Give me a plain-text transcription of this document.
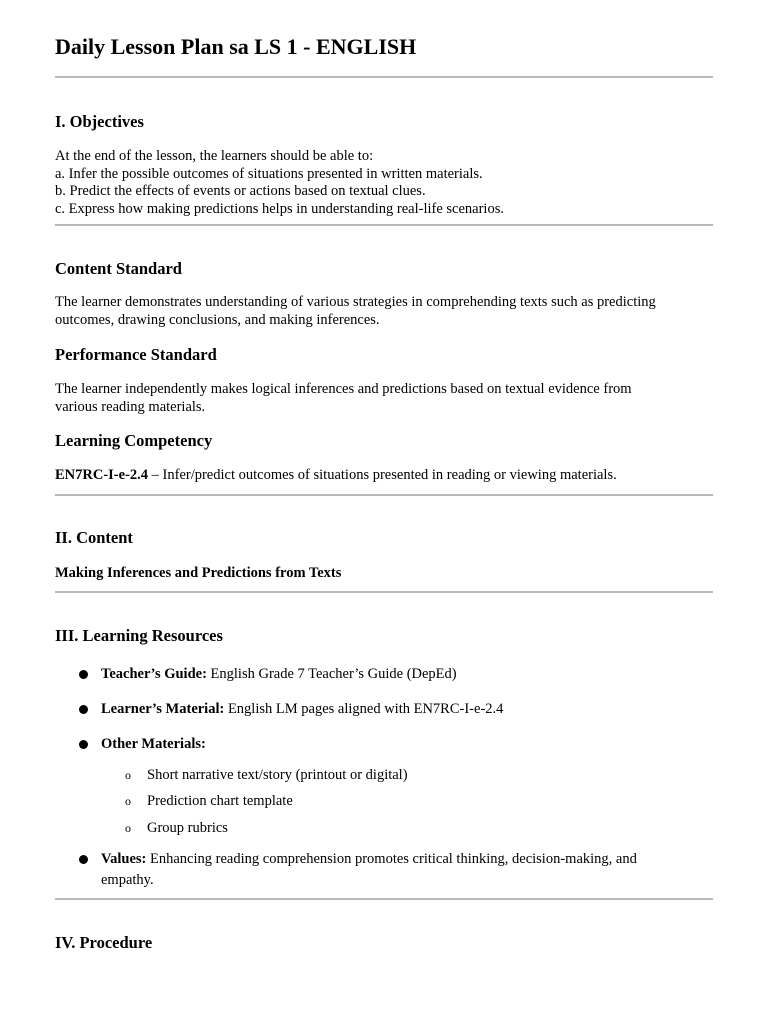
Daily Lesson Plan sa LS 1 - ENGLISH
I. Objectives
At the end of the lesson, the learners should be able to:
a. Infer the possible outcomes of situations presented in written materials.
b. Predict the effects of events or actions based on textual clues.
c. Express how making predictions helps in understanding real-life scenarios.
Content Standard
The learner demonstrates understanding of various strategies in comprehending texts such as predicting
outcomes, drawing conclusions, and making inferences.
Performance Standard
The learner independently makes logical inferences and predictions based on textual evidence from
various reading materials.
Learning Competency
EN7RC-I-e-2.4 – Infer/predict outcomes of situations presented in reading or viewing materials.
II. Content
Making Inferences and Predictions from Texts
III. Learning Resources
Teacher’s Guide: English Grade 7 Teacher’s Guide (DepEd)
Learner’s Material: English LM pages aligned with EN7RC-I-e-2.4
Other Materials:
o Short narrative text/story (printout or digital)
o Prediction chart template
o Group rubrics
Values: Enhancing reading comprehension promotes critical thinking, decision-making, and
empathy.
IV. Procedure
